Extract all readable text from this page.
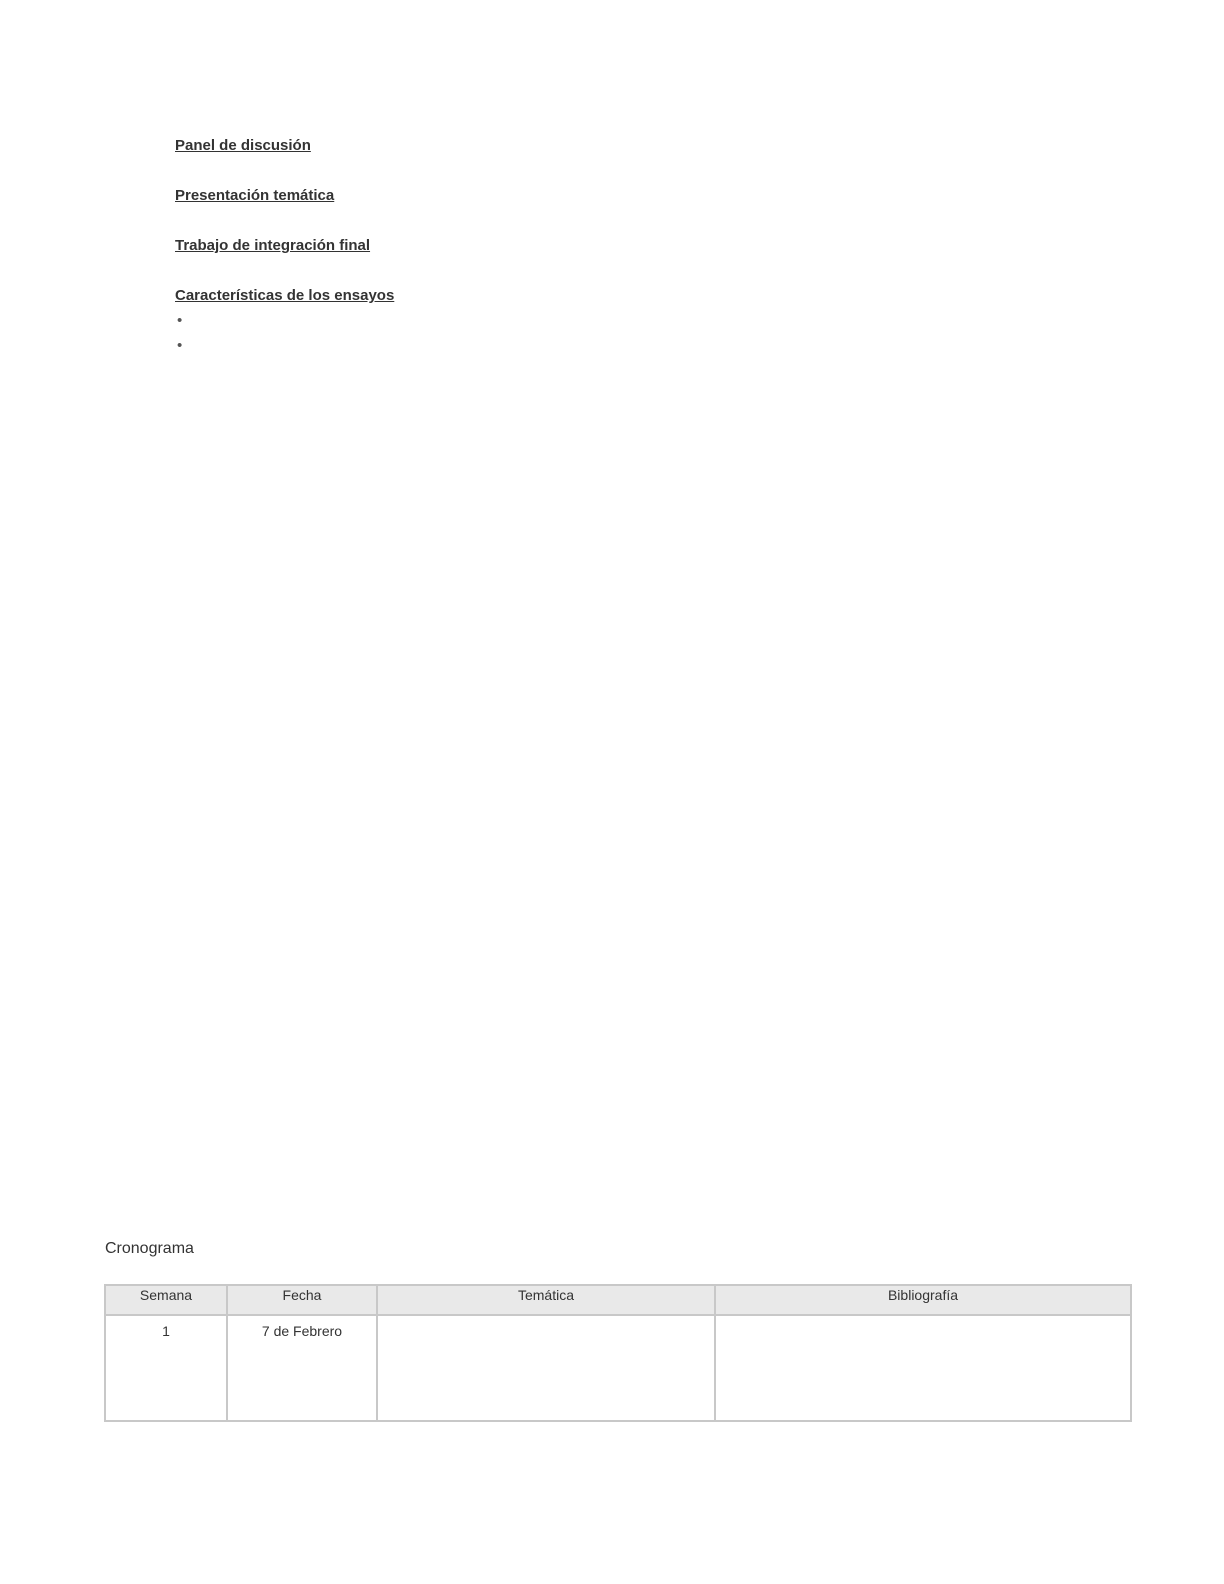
Panel de discusión
Presentación temática
Trabajo de integración final
Características de los ensayos
•
•
Cronograma
Semana	Fecha	Temática	Bibliografía
1	7 de Febrero		
